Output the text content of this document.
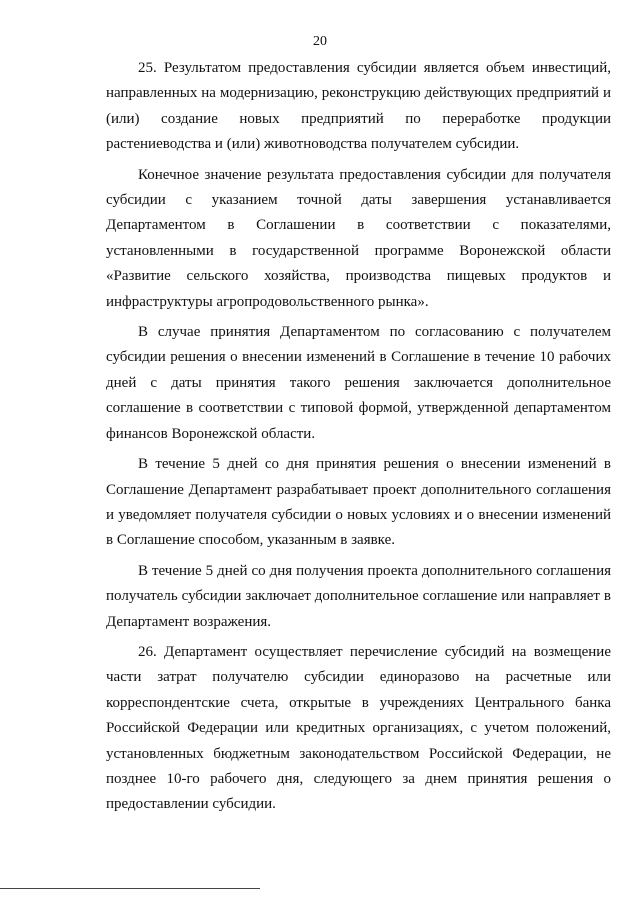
20

25. Результатом предоставления субсидии является объем инвестиций, направленных на модернизацию, реконструкцию действующих предприятий и (или) создание новых предприятий по переработке продукции растениеводства и (или) животноводства получателем субсидии.

Конечное значение результата предоставления субсидии для получателя субсидии с указанием точной даты завершения устанавливается Департаментом в Соглашении в соответствии с показателями, установленными в государственной программе Воронежской области «Развитие сельского хозяйства, производства пищевых продуктов и инфраструктуры агропродовольственного рынка».

В случае принятия Департаментом по согласованию с получателем субсидии решения о внесении изменений в Соглашение в течение 10 рабочих дней с даты принятия такого решения заключается дополнительное соглашение в соответствии с типовой формой, утвержденной департаментом финансов Воронежской области.

В течение 5 дней со дня принятия решения о внесении изменений в Соглашение Департамент разрабатывает проект дополнительного соглашения и уведомляет получателя субсидии о новых условиях и о внесении изменений в Соглашение способом, указанным в заявке.

В течение 5 дней со дня получения проекта дополнительного соглашения получатель субсидии заключает дополнительное соглашение или направляет в Департамент возражения.

26. Департамент осуществляет перечисление субсидий на возмещение части затрат получателю субсидии единоразово на расчетные или корреспондентские счета, открытые в учреждениях Центрального банка Российской Федерации или кредитных организациях, с учетом положений, установленных бюджетным законодательством Российской Федерации, не позднее 10-го рабочего дня, следующего за днем принятия решения о предоставлении субсидии.
